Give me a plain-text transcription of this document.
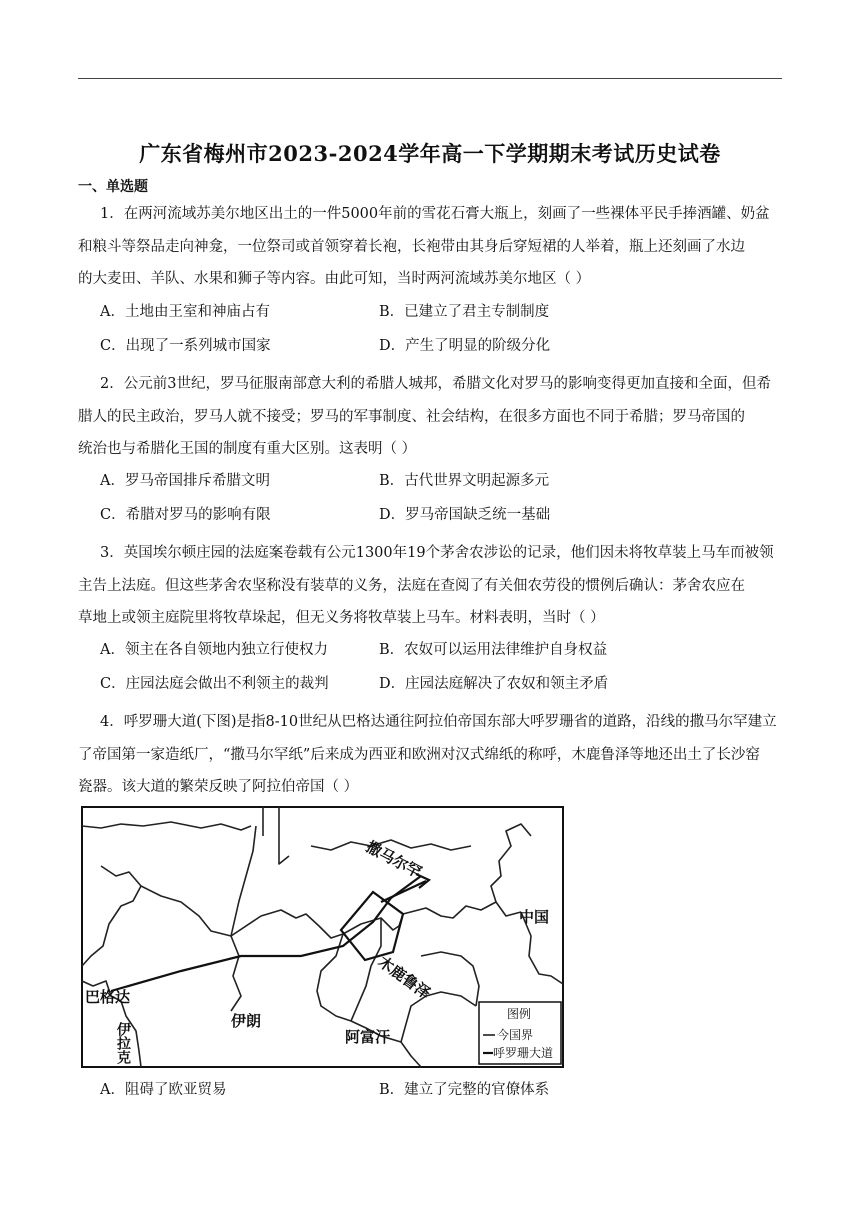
广东省梅州市2023-2024学年高一下学期期末考试历史试卷
一、单选题
1．在两河流域苏美尔地区出土的一件5000年前的雪花石膏大瓶上，刻画了一些裸体平民手捧酒罐、奶盆
和粮斗等祭品走向神龛，一位祭司或首领穿着长袍，长袍带由其身后穿短裙的人举着，瓶上还刻画了水边
的大麦田、羊队、水果和狮子等内容。由此可知，当时两河流域苏美尔地区（ ）
A．土地由王室和神庙占有	B．已建立了君主专制制度
C．出现了一系列城市国家	D．产生了明显的阶级分化
2．公元前3世纪，罗马征服南部意大利的希腊人城邦，希腊文化对罗马的影响变得更加直接和全面，但希
腊人的民主政治，罗马人就不接受；罗马的军事制度、社会结构，在很多方面也不同于希腊；罗马帝国的
统治也与希腊化王国的制度有重大区别。这表明（ ）
A．罗马帝国排斥希腊文明	B．古代世界文明起源多元
C．希腊对罗马的影响有限	D．罗马帝国缺乏统一基础
3．英国埃尔顿庄园的法庭案卷载有公元1300年19个茅舍农涉讼的记录，他们因未将牧草装上马车而被领
主告上法庭。但这些茅舍农坚称没有装草的义务，法庭在查阅了有关佃农劳役的惯例后确认：茅舍农应在
草地上或领主庭院里将牧草垛起，但无义务将牧草装上马车。材料表明，当时（ ）
A．领主在各自领地内独立行使权力	B．农奴可以运用法律维护自身权益
C．庄园法庭会做出不利领主的裁判	D．庄园法庭解决了农奴和领主矛盾
4．呼罗珊大道(下图)是指8-10世纪从巴格达通往阿拉伯帝国东部大呼罗珊省的道路，沿线的撒马尔罕建立
了帝国第一家造纸厂，“撒马尔罕纸”后来成为西亚和欧洲对汉式绵纸的称呼，木鹿鲁泽等地还出土了长沙窑
瓷器。该大道的繁荣反映了阿拉伯帝国（ ）
撒马尔罕
中国
木鹿鲁泽
巴格达
伊朗
阿富汗
伊拉克
图例
今国界
呼罗珊大道
A．阻碍了欧亚贸易	B．建立了完整的官僚体系
